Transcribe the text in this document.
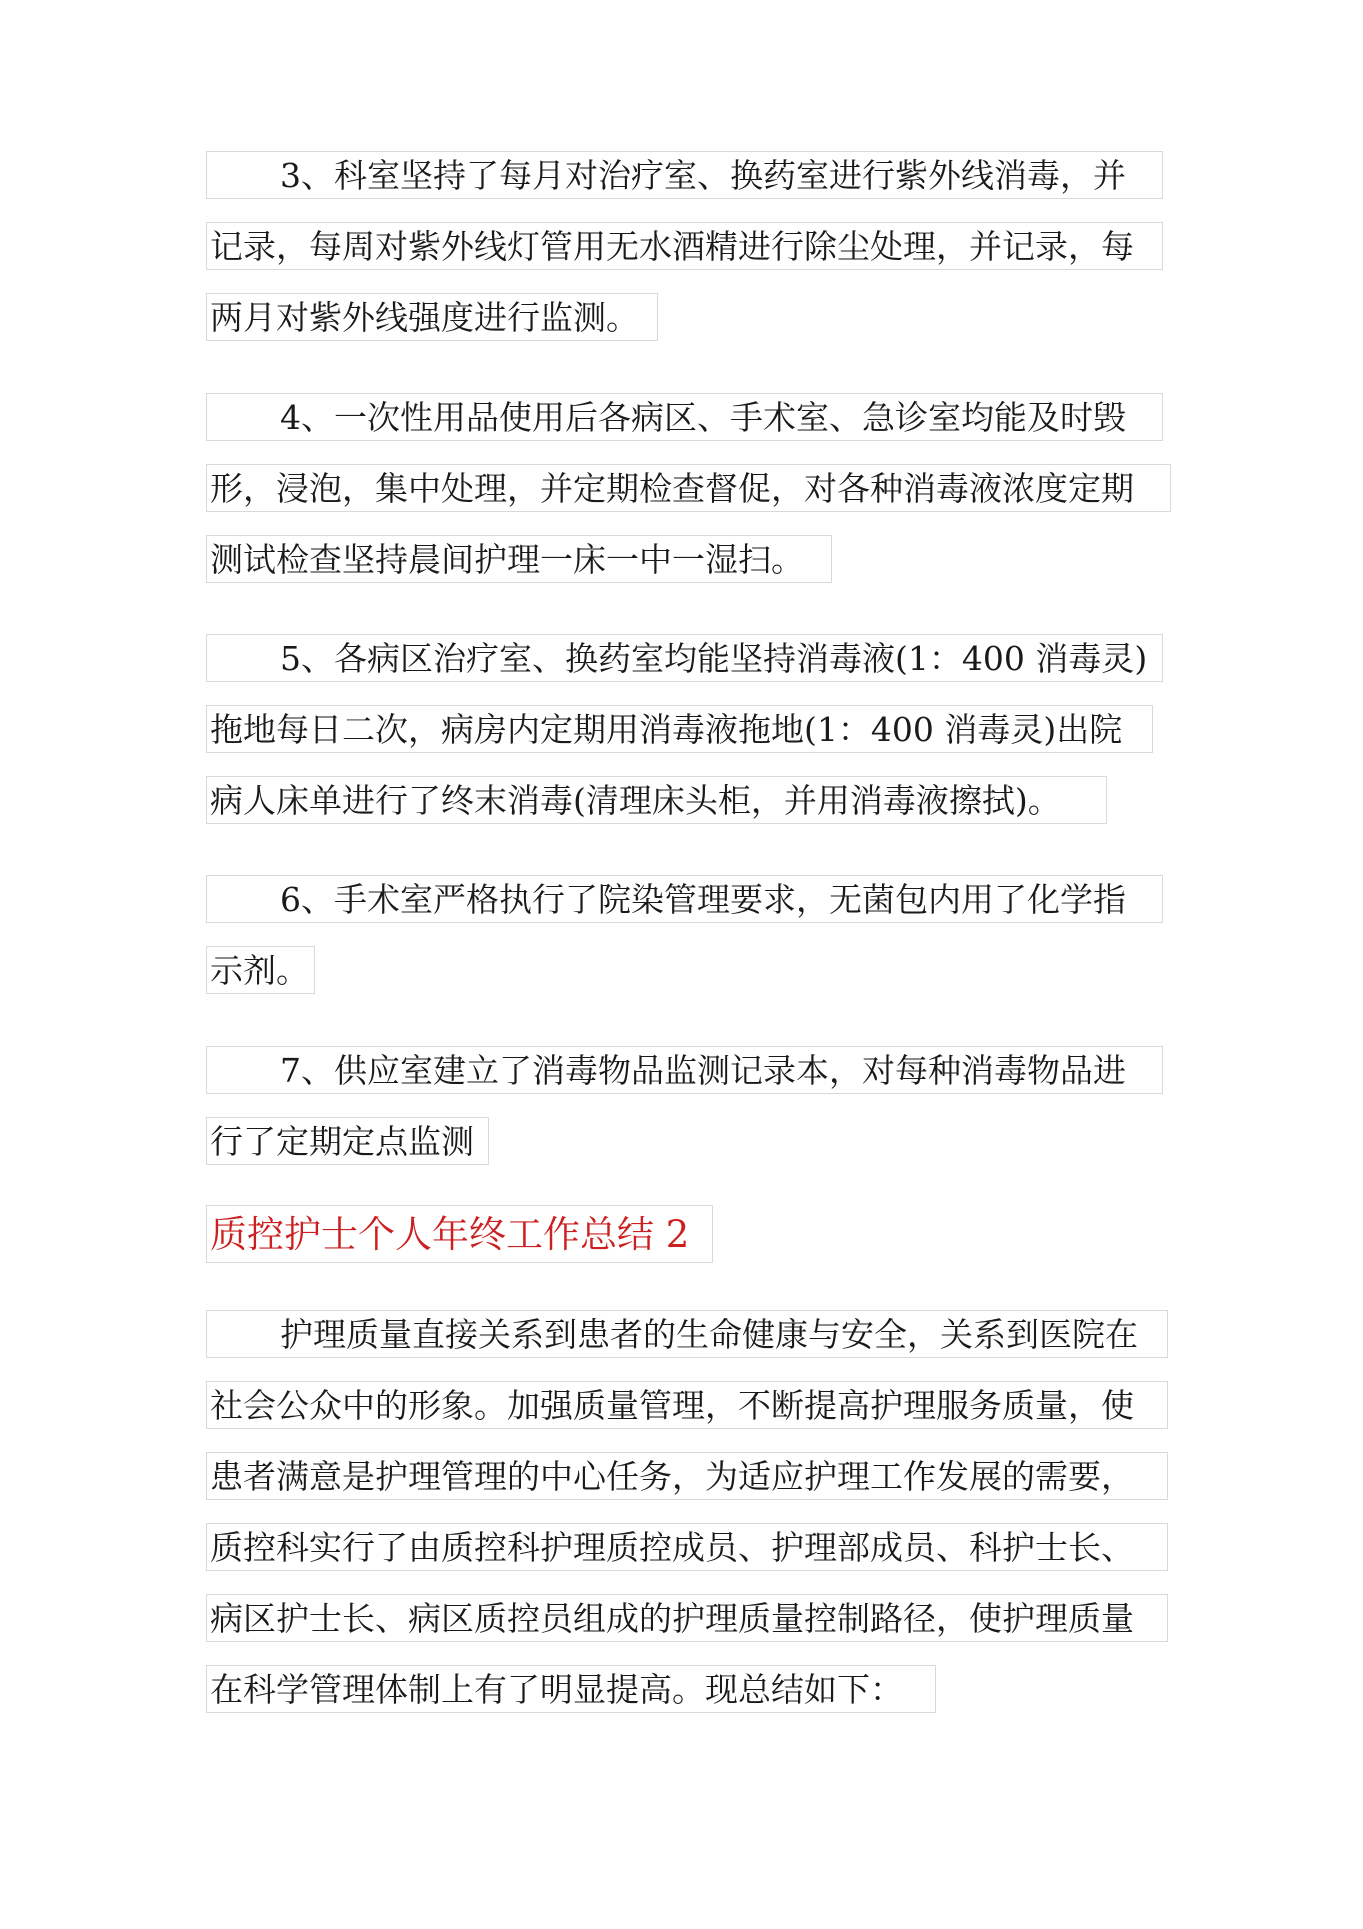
3、科室坚持了每月对治疗室、换药室进行紫外线消毒，并
记录，每周对紫外线灯管用无水酒精进行除尘处理，并记录，每
两月对紫外线强度进行监测。
4、一次性用品使用后各病区、手术室、急诊室均能及时毁
形，浸泡，集中处理，并定期检查督促，对各种消毒液浓度定期
测试检查坚持晨间护理一床一中一湿扫。
5、各病区治疗室、换药室均能坚持消毒液(1：400 消毒灵)
拖地每日二次，病房内定期用消毒液拖地(1：400 消毒灵)出院
病人床单进行了终末消毒(清理床头柜，并用消毒液擦拭)。
6、手术室严格执行了院染管理要求，无菌包内用了化学指
示剂。
7、供应室建立了消毒物品监测记录本，对每种消毒物品进
行了定期定点监测
质控护士个人年终工作总结 2
护理质量直接关系到患者的生命健康与安全，关系到医院在
社会公众中的形象。加强质量管理，不断提高护理服务质量，使
患者满意是护理管理的中心任务，为适应护理工作发展的需要，
质控科实行了由质控科护理质控成员、护理部成员、科护士长、
病区护士长、病区质控员组成的护理质量控制路径，使护理质量
在科学管理体制上有了明显提高。现总结如下：
